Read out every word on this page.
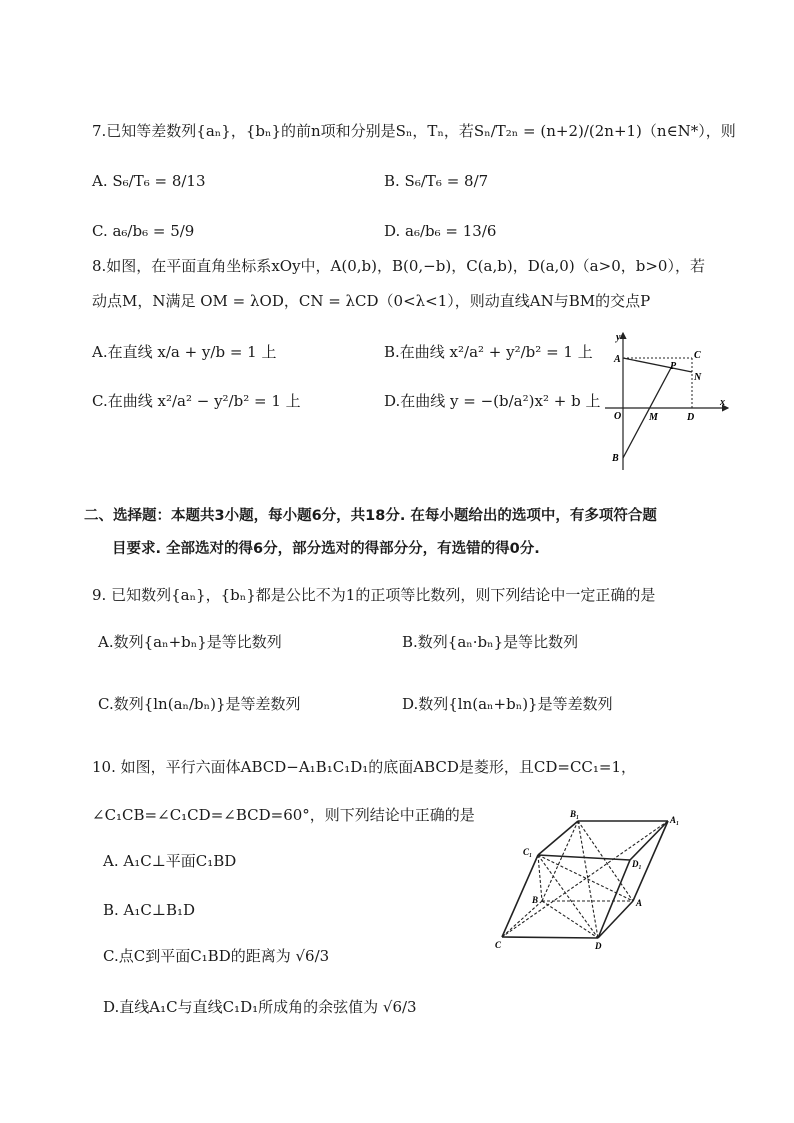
7.已知等差数列{aₙ}，{bₙ}的前n项和分别是Sₙ，Tₙ，若Sₙ/T₂ₙ = (n+2)/(2n+1)（n∈N*），则
A. S₆/T₆ = 8/13	B. S₆/T₆ = 8/7
C. a₆/b₆ = 5/9	D. a₆/b₆ = 13/6
8.如图，在平面直角坐标系xOy中，A(0,b)，B(0,−b)，C(a,b)，D(a,0)（a>0，b>0），若
动点M，N满足 OM = λOD，CN = λCD（0<λ<1），则动直线AN与BM的交点P
A.在直线 x/a + y/b = 1 上	B.在曲线 x²/a² + y²/b² = 1 上
C.在曲线 x²/a² − y²/b² = 1 上	D.在曲线 y = −(b/a²)x² + b 上
y
x
A	C
P
N
O	M	D
B
二、选择题：本题共3小题，每小题6分，共18分. 在每小题给出的选项中，有多项符合题
目要求. 全部选对的得6分，部分选对的得部分分，有选错的得0分.
9. 已知数列{aₙ}，{bₙ}都是公比不为1的正项等比数列，则下列结论中一定正确的是
A.数列{aₙ+bₙ}是等比数列	B.数列{aₙ·bₙ}是等比数列
C.数列{ln(aₙ/bₙ)}是等差数列	D.数列{ln(aₙ+bₙ)}是等差数列
10. 如图，平行六面体ABCD−A₁B₁C₁D₁的底面ABCD是菱形，且CD=CC₁=1，
∠C₁CB=∠C₁CD=∠BCD=60°，则下列结论中正确的是
A. A₁C⊥平面C₁BD
B. A₁C⊥B₁D
C.点C到平面C₁BD的距离为 √6/3
D.直线A₁C与直线C₁D₁所成角的余弦值为 √6/3
B₁
A₁
C₁
D₁
B	A
C	D
